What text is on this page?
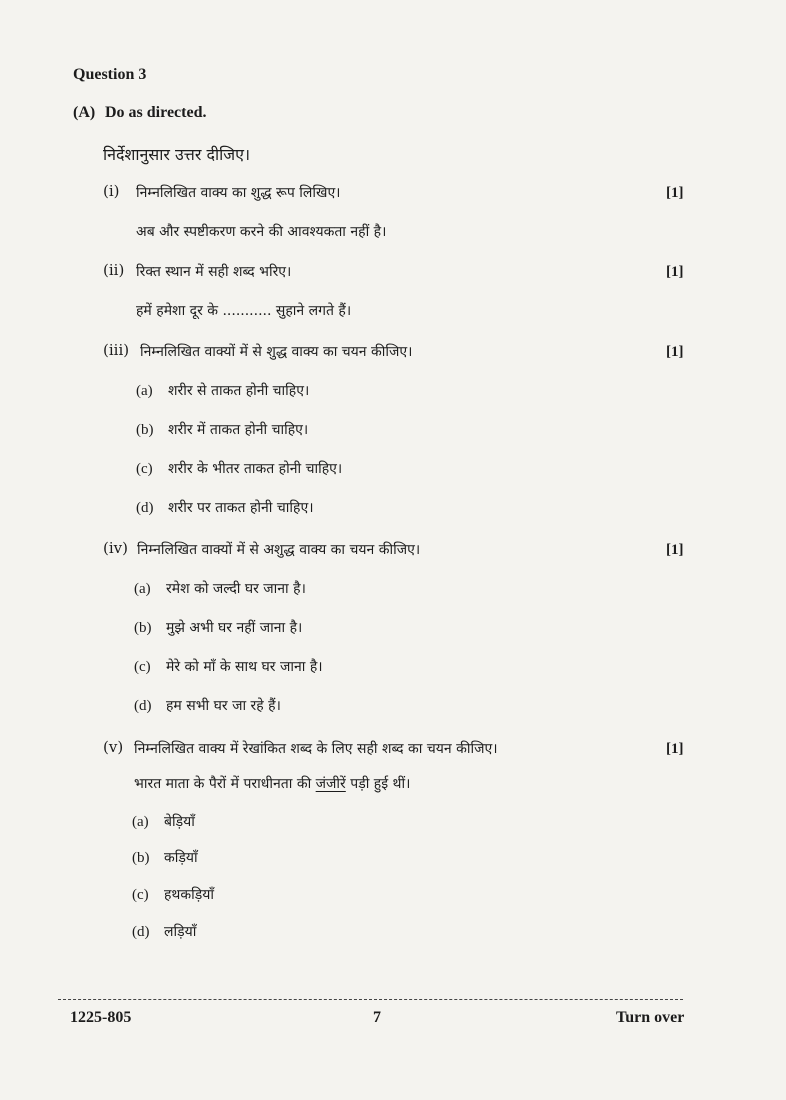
Question 3
(A) Do as directed.
निर्देशानुसार उत्तर दीजिए।
(i) निम्नलिखित वाक्य का शुद्ध रूप लिखिए।	[1]
अब और स्पष्टीकरण करने की आवश्यकता नहीं है।
(ii) रिक्त स्थान में सही शब्द भरिए।	[1]
हमें हमेशा दूर के ........... सुहाने लगते हैं।
(iii) निम्नलिखित वाक्यों में से शुद्ध वाक्य का चयन कीजिए।	[1]
(a) शरीर से ताकत होनी चाहिए।
(b) शरीर में ताकत होनी चाहिए।
(c) शरीर के भीतर ताकत होनी चाहिए।
(d) शरीर पर ताकत होनी चाहिए।
(iv) निम्नलिखित वाक्यों में से अशुद्ध वाक्य का चयन कीजिए।	[1]
(a) रमेश को जल्दी घर जाना है।
(b) मुझे अभी घर नहीं जाना है।
(c) मेरे को माँ के साथ घर जाना है।
(d) हम सभी घर जा रहे हैं।
(v) निम्नलिखित वाक्य में रेखांकित शब्द के लिए सही शब्द का चयन कीजिए।	[1]
भारत माता के पैरों में पराधीनता की जंजीरें पड़ी हुई थीं।
(a) बेड़ियाँ
(b) कड़ियाँ
(c) हथकड़ियाँ
(d) लड़ियाँ
1225-805	7	Turn over
